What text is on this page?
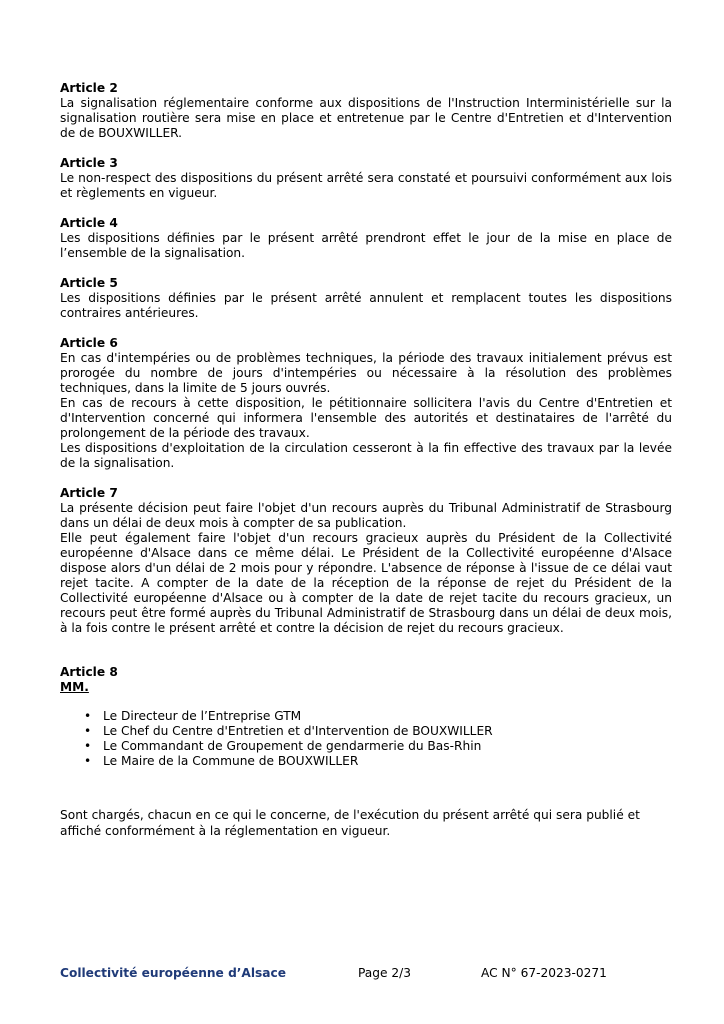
Article 2

La signalisation réglementaire conforme aux dispositions de l'Instruction Interministérielle sur la signalisation routière sera mise en place et entretenue par le Centre d'Entretien et d'Intervention de de BOUXWILLER.

Article 3

Le non-respect des dispositions du présent arrêté sera constaté et poursuivi conformément aux lois et règlements en vigueur.

Article 4

Les dispositions définies par le présent arrêté prendront effet le jour de la mise en place de l’ensemble de la signalisation.

Article 5

Les dispositions définies par le présent arrêté annulent et remplacent toutes les dispositions contraires antérieures.

Article 6

En cas d'intempéries ou de problèmes techniques, la période des travaux initialement prévus est prorogée du nombre de jours d'intempéries ou nécessaire à la résolution des problèmes techniques, dans la limite de 5 jours ouvrés.

En cas de recours à cette disposition, le pétitionnaire sollicitera l'avis du Centre d'Entretien et d'Intervention concerné qui informera l'ensemble des autorités et destinataires de l'arrêté du prolongement de la période des travaux.

Les dispositions d'exploitation de la circulation cesseront à la fin effective des travaux par la levée de la signalisation.

Article 7

La présente décision peut faire l'objet d'un recours auprès du Tribunal Administratif de Strasbourg dans un délai de deux mois à compter de sa publication.

Elle peut également faire l'objet d'un recours gracieux auprès du Président de la Collectivité européenne d'Alsace dans ce même délai. Le Président de la Collectivité européenne d'Alsace dispose alors d'un délai de 2 mois pour y répondre. L'absence de réponse à l'issue de ce délai vaut rejet tacite. A compter de la date de la réception de la réponse de rejet du Président de la Collectivité européenne d'Alsace ou à compter de la date de rejet tacite du recours gracieux, un recours peut être formé auprès du Tribunal Administratif de Strasbourg dans un délai de deux mois, à la fois contre le présent arrêté et contre la décision de rejet du recours gracieux.

Article 8

MM.

• Le Directeur de l’Entreprise GTM
• Le Chef du Centre d'Entretien et d'Intervention de BOUXWILLER
• Le Commandant de Groupement de gendarmerie du Bas-Rhin
• Le Maire de la Commune de BOUXWILLER

Sont chargés, chacun en ce qui le concerne, de l'exécution du présent arrêté qui sera publié et affiché conformément à la réglementation en vigueur.

Collectivité européenne d’Alsace	Page 2/3	AC N° 67-2023-0271
